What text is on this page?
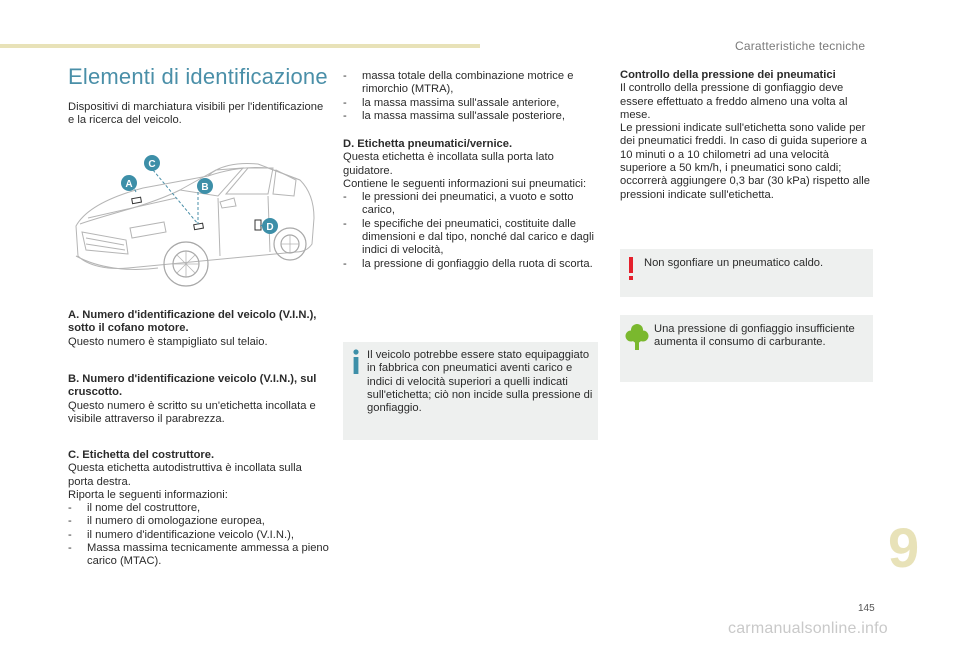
Caratteristiche tecniche
Elementi di identificazione

Dispositivi di marchiatura visibili per l'identificazione e la ricerca del veicolo.

A	B
C
D

A. Numero d'identificazione del veicolo (V.I.N.), sotto il cofano motore.

Questo numero è stampigliato sul telaio.

B. Numero d'identificazione veicolo (V.I.N.), sul cruscotto.

Questo numero è scritto su un'etichetta incollata e visibile attraverso il parabrezza.

C. Etichetta del costruttore.

Questa etichetta autodistruttiva è incollata sulla porta destra.

Riporta le seguenti informazioni:

-	il nome del costruttore,
-	il numero di omologazione europea,
-	il numero d'identificazione veicolo (V.I.N.),
-	Massa massima tecnicamente ammessa a pieno carico (MTAC).
-	massa totale della combinazione motrice e rimorchio (MTRA),
-	la massa massima sull'assale anteriore,
-	la massa massima sull'assale posteriore,

D. Etichetta pneumatici/vernice.

Questa etichetta è incollata sulla porta lato guidatore.

Contiene le seguenti informazioni sui pneumatici:

-	le pressioni dei pneumatici, a vuoto e sotto carico,
-	le specifiche dei pneumatici, costituite dalle dimensioni e dal tipo, nonché dal carico e dagli indici di velocità,
-	la pressione di gonfiaggio della ruota di scorta.
Il veicolo potrebbe essere stato equipaggiato in fabbrica con pneumatici aventi carico e indici di velocità superiori a quelli indicati sull'etichetta; ciò non incide sulla pressione di gonfiaggio.

Controllo della pressione dei pneumatici

Il controllo della pressione di gonfiaggio deve essere effettuato a freddo almeno una volta al mese.

Le pressioni indicate sull'etichetta sono valide per dei pneumatici freddi. In caso di guida superiore a 10 minuti o a 10 chilometri ad una velocità superiore a 50 km/h, i pneumatici sono caldi; occorrerà aggiungere 0,3 bar (30 kPa) rispetto alle pressioni indicate sull'etichetta.

Non sgonfiare un pneumatico caldo.
Una pressione di gonfiaggio insufficiente aumenta il consumo di carburante.
9
145
carmanualsonline.info
